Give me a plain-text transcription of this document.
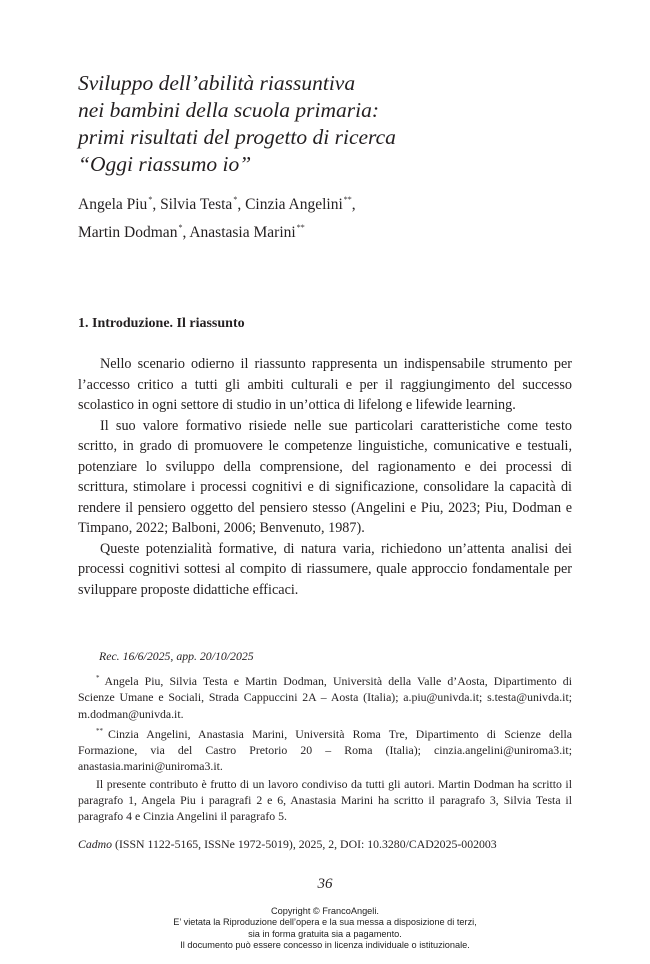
Sviluppo dell’abilità riassuntiva
nei bambini della scuola primaria:
primi risultati del progetto di ricerca
“Oggi riassumo io”
Angela Piu*, Silvia Testa*, Cinzia Angelini**,
Martin Dodman*, Anastasia Marini**
1. Introduzione. Il riassunto

Nello scenario odierno il riassunto rappresenta un indispensabile strumento per l’accesso critico a tutti gli ambiti culturali e per il raggiungimento del successo scolastico in ogni settore di studio in un’ottica di lifelong e lifewide learning.

Il suo valore formativo risiede nelle sue particolari caratteristiche come testo scritto, in grado di promuovere le competenze linguistiche, comunicative e testuali, potenziare lo sviluppo della comprensione, del ragionamento e dei processi di scrittura, stimolare i processi cognitivi e di significazione, consolidare la capacità di rendere il pensiero oggetto del pensiero stesso (Angelini e Piu, 2023; Piu, Dodman e Timpano, 2022; Balboni, 2006; Benvenuto, 1987).

Queste potenzialità formative, di natura varia, richiedono un’attenta analisi dei processi cognitivi sottesi al compito di riassumere, quale approccio fondamentale per sviluppare proposte didattiche efficaci.

Rec. 16/6/2025, app. 20/10/2025

* Angela Piu, Silvia Testa e Martin Dodman, Università della Valle d’Aosta, Dipartimento di Scienze Umane e Sociali, Strada Cappuccini 2A – Aosta (Italia); a.piu@univda.it; s.testa@univda.it; m.dodman@univda.it.

** Cinzia Angelini, Anastasia Marini, Università Roma Tre, Dipartimento di Scienze della Formazione, via del Castro Pretorio 20 – Roma (Italia); cinzia.angelini@uniroma3.it; anastasia.marini@uniroma3.it.

Il presente contributo è frutto di un lavoro condiviso da tutti gli autori. Martin Dodman ha scritto il paragrafo 1, Angela Piu i paragrafi 2 e 6, Anastasia Marini ha scritto il paragrafo 3, Silvia Testa il paragrafo 4 e Cinzia Angelini il paragrafo 5.

Cadmo (ISSN 1122-5165, ISSNe 1972-5019), 2025, 2, DOI: 10.3280/CAD2025-002003

36

Copyright © FrancoAngeli.
E’ vietata la Riproduzione dell’opera e la sua messa a disposizione di terzi,
sia in forma gratuita sia a pagamento.
Il documento può essere concesso in licenza individuale o istituzionale.
